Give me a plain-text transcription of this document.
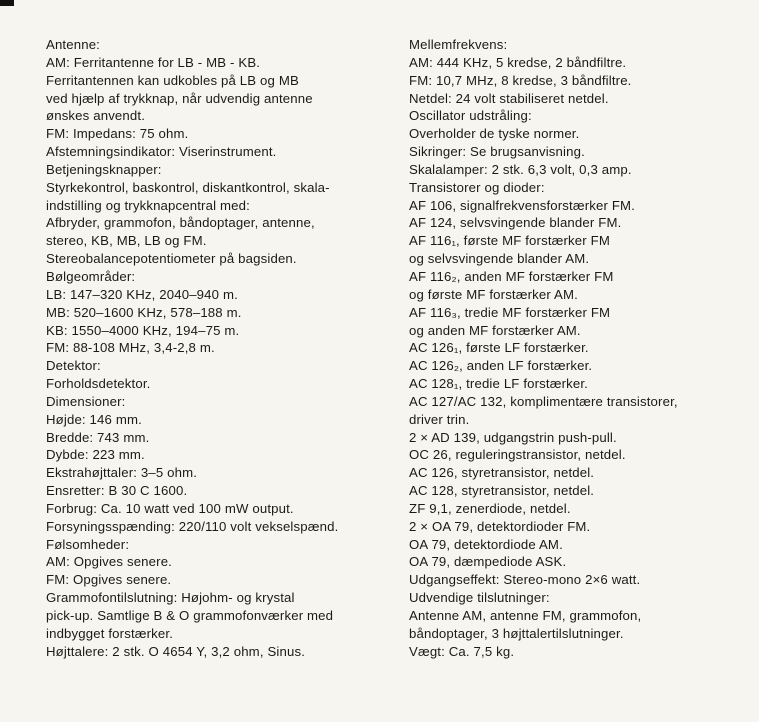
Antenne:
AM: Ferritantenne for LB - MB - KB.
Ferritantennen kan udkobles på LB og MB
ved hjælp af trykknap, når udvendig antenne
ønskes anvendt.
FM: Impedans: 75 ohm.
Afstemningsindikator: Viserinstrument.
Betjeningsknapper:
Styrkekontrol, baskontrol, diskantkontrol, skala-
indstilling og trykknapcentral med:
Afbryder, grammofon, båndoptager, antenne,
stereo, KB, MB, LB og FM.
Stereobalancepotentiometer på bagsiden.
Bølgeområder:
LB: 147–320 KHz, 2040–940 m.
MB: 520–1600 KHz, 578–188 m.
KB: 1550–4000 KHz, 194–75 m.
FM: 88-108 MHz, 3,4-2,8 m.
Detektor:
Forholdsdetektor.
Dimensioner:
Højde: 146 mm.
Bredde: 743 mm.
Dybde: 223 mm.
Ekstrahøjttaler: 3–5 ohm.
Ensretter: B 30 C 1600.
Forbrug: Ca. 10 watt ved 100 mW output.
Forsyningsspænding: 220/110 volt vekselspænd.
Følsomheder:
AM: Opgives senere.
FM: Opgives senere.
Grammofontilslutning: Højohm- og krystal
pick-up. Samtlige B & O grammofonværker med
indbygget forstærker.
Højttalere: 2 stk. O 4654 Y, 3,2 ohm, Sinus.
Mellemfrekvens:
AM: 444 KHz, 5 kredse, 2 båndfiltre.
FM: 10,7 MHz, 8 kredse, 3 båndfiltre.
Netdel: 24 volt stabiliseret netdel.
Oscillator udstråling:
Overholder de tyske normer.
Sikringer: Se brugsanvisning.
Skalalamper: 2 stk. 6,3 volt, 0,3 amp.
Transistorer og dioder:
AF 106, signalfrekvensforstærker FM.
AF 124, selvsvingende blander FM.
AF 116₁, første MF forstærker FM
og selvsvingende blander AM.
AF 116₂, anden MF forstærker FM
og første MF forstærker AM.
AF 116₃, tredie MF forstærker FM
og anden MF forstærker AM.
AC 126₁, første LF forstærker.
AC 126₂, anden LF forstærker.
AC 128₁, tredie LF forstærker.
AC 127/AC 132, komplimentære transistorer,
driver trin.
2 × AD 139, udgangstrin push-pull.
OC 26, reguleringstransistor, netdel.
AC 126, styretransistor, netdel.
AC 128, styretransistor, netdel.
ZF 9,1, zenerdiode, netdel.
2 × OA 79, detektordioder FM.
OA 79, detektordiode AM.
OA 79, dæmpediode ASK.
Udgangseffekt: Stereo-mono 2×6 watt.
Udvendige tilslutninger:
Antenne AM, antenne FM, grammofon,
båndoptager, 3 højttalertilslutninger.
Vægt: Ca. 7,5 kg.
